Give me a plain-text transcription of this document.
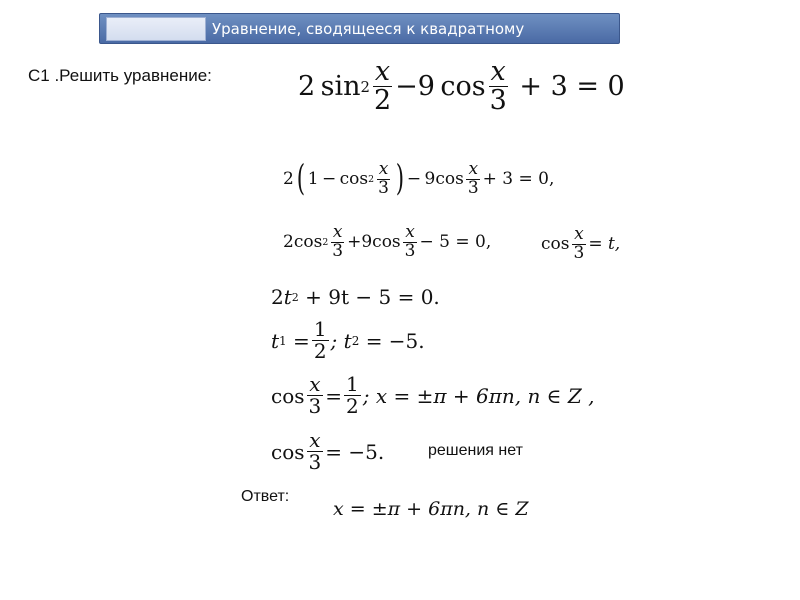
Уравнение, сводящееся к квадратному
С1 .Решить уравнение:	2
  $\sin 2 \frac{x}{2} - 9$
  $\cos \frac{x}{3}$
+ 3 = 0
2 ( 1
  −
  $\cos 2 \frac{x}{3}$ ) −
  9 $\cos \frac{x}{3} + 3 = 0$,
2 $\cos 2 \frac{x}{3} + 9$ $\cos \frac{x}{3} - 5 = 0$,	$\cos \frac{x}{3} = t$,
2 t 2
+ 9t − 5 = 0.
t 1
= $\frac{1}{2}$ ; t 2
= −5.
$\cos \frac{x}{3} = \frac{1}{2}$ ; x = ±π + 6πn, n ∈ Z ,
$\cos \frac{x}{3} = -5$.	решения нет
Ответ:
x = ±π + 6πn, n ∈ Z
